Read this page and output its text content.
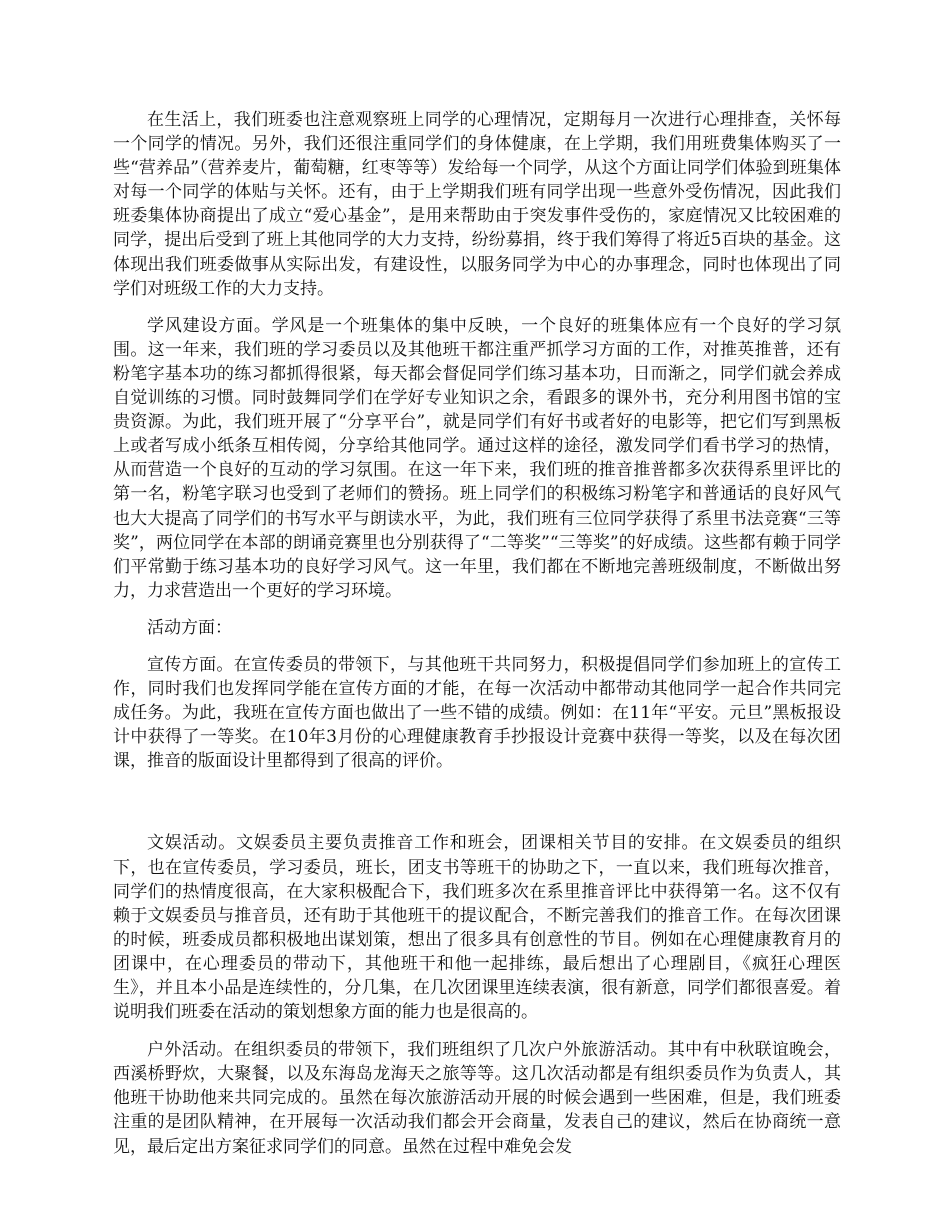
在生活上，我们班委也注意观察班上同学的心理情况，定期每月一次进行心理排查，关怀每一个同学的情况。另外，我们还很注重同学们的身体健康，在上学期，我们用班费集体购买了一些“营养品”（营养麦片，葡萄糖，红枣等等）发给每一个同学，从这个方面让同学们体验到班集体对每一个同学的体贴与关怀。还有，由于上学期我们班有同学出现一些意外受伤情况，因此我们班委集体协商提出了成立“爱心基金”，是用来帮助由于突发事件受伤的，家庭情况又比较困难的同学，提出后受到了班上其他同学的大力支持，纷纷募捐，终于我们筹得了将近5百块的基金。这体现出我们班委做事从实际出发，有建设性，以服务同学为中心的办事理念，同时也体现出了同学们对班级工作的大力支持。

学风建设方面。学风是一个班集体的集中反映，一个良好的班集体应有一个良好的学习氛围。这一年来，我们班的学习委员以及其他班干都注重严抓学习方面的工作，对推英推普，还有粉笔字基本功的练习都抓得很紧，每天都会督促同学们练习基本功，日而渐之，同学们就会养成自觉训练的习惯。同时鼓舞同学们在学好专业知识之余，看跟多的课外书，充分利用图书馆的宝贵资源。为此，我们班开展了“分享平台”，就是同学们有好书或者好的电影等，把它们写到黑板上或者写成小纸条互相传阅，分享给其他同学。通过这样的途径，激发同学们看书学习的热情，从而营造一个良好的互动的学习氛围。在这一年下来，我们班的推音推普都多次获得系里评比的第一名，粉笔字联习也受到了老师们的赞扬。班上同学们的积极练习粉笔字和普通话的良好风气也大大提高了同学们的书写水平与朗读水平，为此，我们班有三位同学获得了系里书法竞赛“三等奖”，两位同学在本部的朗诵竞赛里也分别获得了“二等奖”“三等奖”的好成绩。这些都有赖于同学们平常勤于练习基本功的良好学习风气。这一年里，我们都在不断地完善班级制度，不断做出努力，力求营造出一个更好的学习环境。

活动方面：

宣传方面。在宣传委员的带领下，与其他班干共同努力，积极提倡同学们参加班上的宣传工作，同时我们也发挥同学能在宣传方面的才能，在每一次活动中都带动其他同学一起合作共同完成任务。为此，我班在宣传方面也做出了一些不错的成绩。例如：在11年“平安。元旦”黑板报设计中获得了一等奖。在10年3月份的心理健康教育手抄报设计竞赛中获得一等奖，以及在每次团课，推音的版面设计里都得到了很高的评价。

文娱活动。文娱委员主要负责推音工作和班会，团课相关节目的安排。在文娱委员的组织下，也在宣传委员，学习委员，班长，团支书等班干的协助之下，一直以来，我们班每次推音，同学们的热情度很高，在大家积极配合下，我们班多次在系里推音评比中获得第一名。这不仅有赖于文娱委员与推音员，还有助于其他班干的提议配合，不断完善我们的推音工作。在每次团课的时候，班委成员都积极地出谋划策，想出了很多具有创意性的节目。例如在心理健康教育月的团课中，在心理委员的带动下，其他班干和他一起排练，最后想出了心理剧目，《疯狂心理医生》，并且本小品是连续性的，分几集，在几次团课里连续表演，很有新意，同学们都很喜爱。着说明我们班委在活动的策划想象方面的能力也是很高的。

户外活动。在组织委员的带领下，我们班组织了几次户外旅游活动。其中有中秋联谊晚会，西溪桥野炊，大聚餐，以及东海岛龙海天之旅等等。这几次活动都是有组织委员作为负责人，其他班干协助他来共同完成的。虽然在每次旅游活动开展的时候会遇到一些困难，但是，我们班委注重的是团队精神，在开展每一次活动我们都会开会商量，发表自己的建议，然后在协商统一意见，最后定出方案征求同学们的同意。虽然在过程中难免会发
